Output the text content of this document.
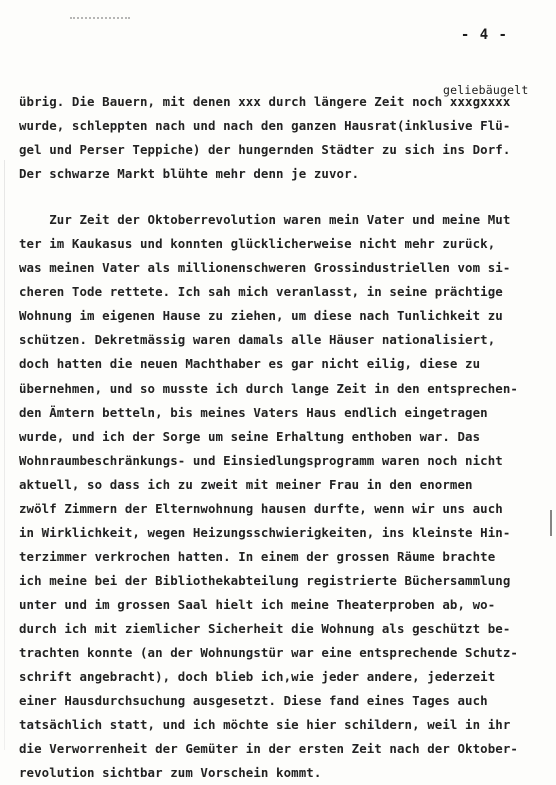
- 4 -
geliebäugelt
übrig. Die Bauern, mit denen xxx durch längere Zeit noch xxxgxxxx
wurde, schleppten nach und nach den ganzen Hausrat(inklusive Flü-
gel und Perser Teppiche) der hungernden Städter zu sich ins Dorf.
Der schwarze Markt blühte mehr denn je zuvor.
Zur Zeit der Oktoberrevolution waren mein Vater und meine Mut
ter im Kaukasus und konnten glücklicherweise nicht mehr zurück,
was meinen Vater als millionenschweren Grossindustriellen vom si-
cheren Tode rettete. Ich sah mich veranlasst, in seine prächtige
Wohnung im eigenen Hause zu ziehen, um diese nach Tunlichkeit zu
schützen. Dekretmässig waren damals alle Häuser nationalisiert,
doch hatten die neuen Machthaber es gar nicht eilig, diese zu
übernehmen, und so musste ich durch lange Zeit in den entsprechen-
den Ämtern betteln, bis meines Vaters Haus endlich eingetragen
wurde, und ich der Sorge um seine Erhaltung enthoben war. Das
Wohnraumbeschränkungs- und Einsiedlungsprogramm waren noch nicht
aktuell, so dass ich zu zweit mit meiner Frau in den enormen
zwölf Zimmern der Elternwohnung hausen durfte, wenn wir uns auch
in Wirklichkeit, wegen Heizungsschwierigkeiten, ins kleinste Hin-
terzimmer verkrochen hatten. In einem der grossen Räume brachte
ich meine bei der Bibliothekabteilung registrierte Büchersammlung
unter und im grossen Saal hielt ich meine Theaterproben ab, wo-
durch ich mit ziemlicher Sicherheit die Wohnung als geschützt be-
trachten konnte (an der Wohnungstür war eine entsprechende Schutz-
schrift angebracht), doch blieb ich,wie jeder andere, jederzeit
einer Hausdurchsuchung ausgesetzt. Diese fand eines Tages auch
tatsächlich statt, und ich möchte sie hier schildern, weil in ihr
die Verworrenheit der Gemüter in der ersten Zeit nach der Oktober-
revolution sichtbar zum Vorschein kommt.
